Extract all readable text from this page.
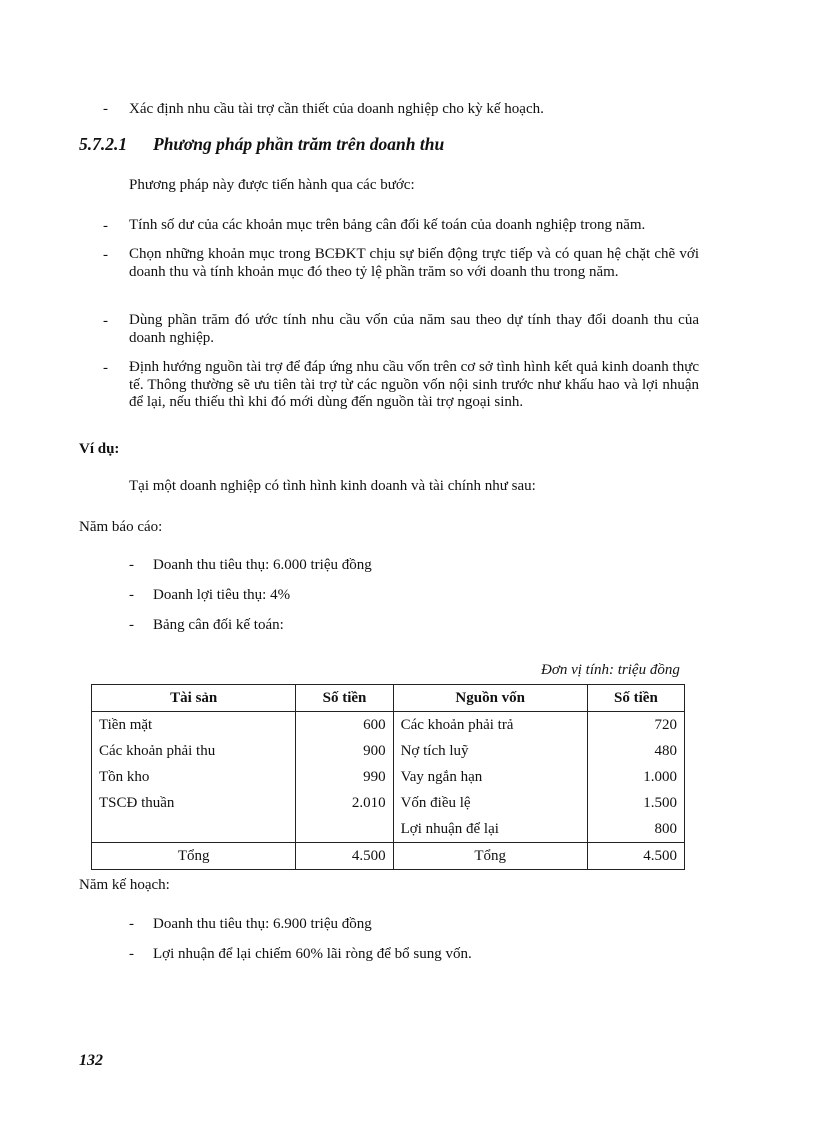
- Xác định nhu cầu tài trợ cần thiết của doanh nghiệp cho kỳ kế hoạch.
5.7.2.1 Phương pháp phần trăm trên doanh thu
Phương pháp này được tiến hành qua các bước:
- Tính số dư của các khoản mục trên bảng cân đối kế toán của doanh nghiệp trong năm.
- Chọn những khoản mục trong BCĐKT chịu sự biến động trực tiếp và có quan hệ chặt chẽ với doanh thu và tính khoản mục đó theo tỷ lệ phần trăm so với doanh thu trong năm.
- Dùng phần trăm đó ước tính nhu cầu vốn của năm sau theo dự tính thay đổi doanh thu của doanh nghiệp.
- Định hướng nguồn tài trợ để đáp ứng nhu cầu vốn trên cơ sở tình hình kết quả kinh doanh thực tế. Thông thường sẽ ưu tiên tài trợ từ các nguồn vốn nội sinh trước như khấu hao và lợi nhuận để lại, nếu thiếu thì khi đó mới dùng đến nguồn tài trợ ngoại sinh.
Ví dụ:
Tại một doanh nghiệp có tình hình kinh doanh và tài chính như sau:
Năm báo cáo:
- Doanh thu tiêu thụ: 6.000 triệu đồng
- Doanh lợi tiêu thụ: 4%
- Bảng cân đối kế toán:
Đơn vị tính: triệu đồng
Tài sản	Số tiền	Nguồn vốn	Số tiền
Tiền mặt	600	Các khoản phải trả	720
Các khoản phải thu	900	Nợ tích luỹ	480
Tồn kho	990	Vay ngắn hạn	1.000
TSCĐ thuần	2.010	Vốn điều lệ	1.500
		Lợi nhuận để lại	800
Tổng	4.500	Tổng	4.500
Năm kế hoạch:
- Doanh thu tiêu thụ: 6.900 triệu đồng
- Lợi nhuận để lại chiếm 60% lãi ròng để bổ sung vốn.
132
